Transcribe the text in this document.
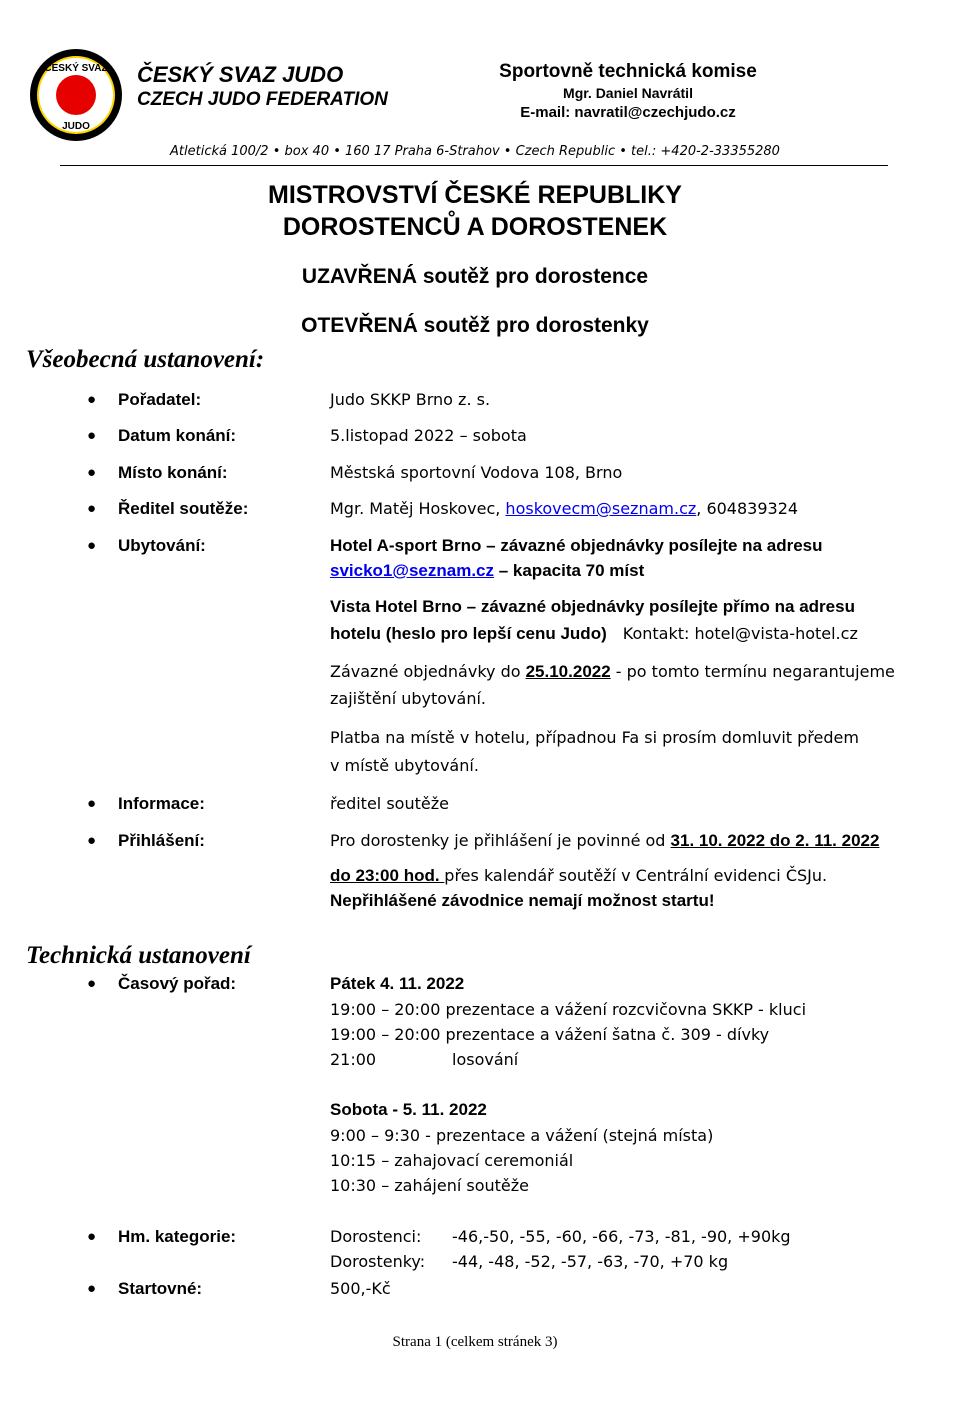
ČESKÝ SVAZ
JUDO
ČESKÝ SVAZ JUDO
CZECH JUDO FEDERATION
Sportovně technická komise
Mgr. Daniel Navrátil
E-mail: navratil@czechjudo.cz
Atletická 100/2 • box 40 • 160 17 Praha 6-Strahov • Czech Republic • tel.: +420-2-33355280
MISTROVSTVÍ ČESKÉ REPUBLIKY
DOROSTENCŮ A DOROSTENEK
UZAVŘENÁ soutěž pro dorostence
OTEVŘENÁ soutěž pro dorostenky
Všeobecná ustanovení:
● Pořadatel:	Judo SKKP Brno z. s.
● Datum konání:	5.listopad 2022 – sobota
● Místo konání:	Městská sportovní Vodova 108, Brno
● Ředitel soutěže:	Mgr. Matěj Hoskovec, hoskovecm@seznam.cz, 604839324
● Ubytování:	Hotel A-sport Brno – závazné objednávky posílejte na adresu
svicko1@seznam.cz – kapacita 70 míst
Vista Hotel Brno – závazné objednávky posílejte přímo na adresu
hotelu (heslo pro lepší cenu Judo) Kontakt: hotel@vista-hotel.cz
Závazné objednávky do 25.10.2022 - po tomto termínu negarantujeme
zajištění ubytování.
Platba na místě v hotelu, případnou Fa si prosím domluvit předem
v místě ubytování.
● Informace:	ředitel soutěže
● Přihlášení:	Pro dorostenky je přihlášení je povinné od 31. 10. 2022 do 2. 11. 2022
do 23:00 hod. přes kalendář soutěží v Centrální evidenci ČSJu.
Nepřihlášené závodnice nemají možnost startu!
Technická ustanovení
● Časový pořad:	Pátek 4. 11. 2022
19:00 – 20:00 prezentace a vážení rozcvičovna SKKP - kluci
19:00 – 20:00 prezentace a vážení šatna č. 309 - dívky
21:00	losování
Sobota - 5. 11. 2022
9:00 – 9:30 - prezentace a vážení (stejná místa)
10:15 – zahajovací ceremoniál
10:30 – zahájení soutěže
● Hm. kategorie:	Dorostenci: -46,-50, -55, -60, -66, -73, -81, -90, +90kg
Dorostenky: -44, -48, -52, -57, -63, -70, +70 kg
● Startovné:	500,-Kč
Strana 1 (celkem stránek 3)
